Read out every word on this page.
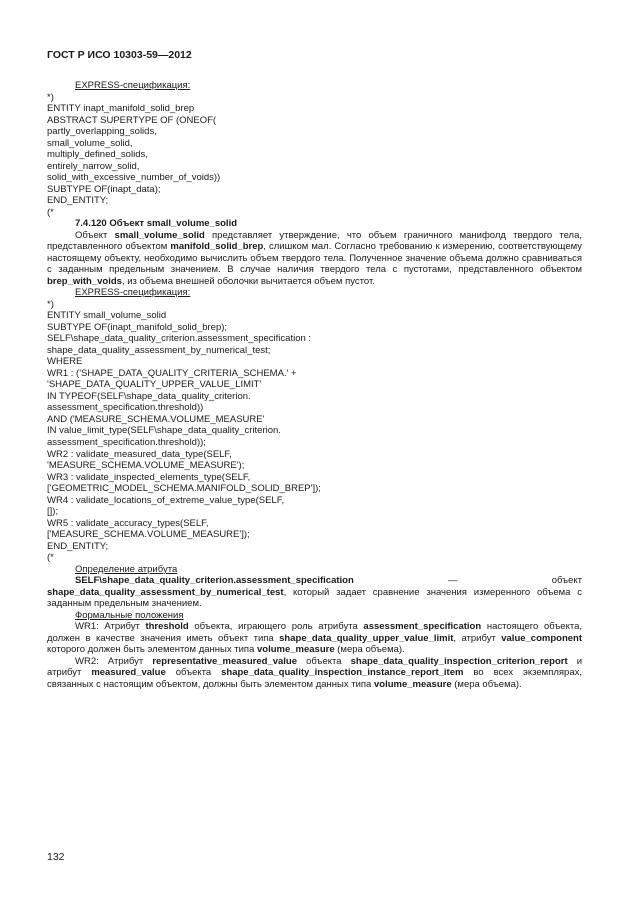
ГОСТ Р ИСО 10303-59—2012
EXPRESS-спецификация:
*)
ENTITY inapt_manifold_solid_brep
ABSTRACT SUPERTYPE OF (ONEOF(
partly_overlapping_solids,
small_volume_solid,
multiply_defined_solids,
entirely_narrow_solid,
solid_with_excessive_number_of_voids))
SUBTYPE OF(inapt_data);
END_ENTITY;
(*
7.4.120 Объект small_volume_solid
Объект small_volume_solid представляет утверждение, что объем граничного манифолд твердого тела, представленного объектом manifold_solid_brep, слишком мал. Согласно требованию к измерению, соответствующему настоящему объекту, необходимо вычислить объем твердого тела. Полученное значение объема должно сравниваться с заданным предельным значением. В случае наличия твердого тела с пустотами, представленного объектом brep_with_voids, из объема внешней оболочки вычитается объем пустот.
EXPRESS-спецификация:
*)
ENTITY small_volume_solid
SUBTYPE OF(inapt_manifold_solid_brep);
SELF\shape_data_quality_criterion.assessment_specification :
shape_data_quality_assessment_by_numerical_test;
WHERE
WR1 : ('SHAPE_DATA_QUALITY_CRITERIA_SCHEMA.' +
'SHAPE_DATA_QUALITY_UPPER_VALUE_LIMIT'
IN TYPEOF(SELF\shape_data_quality_criterion.
assessment_specification.threshold))
AND ('MEASURE_SCHEMA.VOLUME_MEASURE'
IN value_limit_type(SELF\shape_data_quality_criterion.
assessment_specification.threshold));
WR2 : validate_measured_data_type(SELF,
'MEASURE_SCHEMA.VOLUME_MEASURE');
WR3 : validate_inspected_elements_type(SELF,
['GEOMETRIC_MODEL_SCHEMA.MANIFOLD_SOLID_BREP']);
WR4 : validate_locations_of_extreme_value_type(SELF,
[]);
WR5 : validate_accuracy_types(SELF,
['MEASURE_SCHEMA.VOLUME_MEASURE']);
END_ENTITY;
(*
Определение атрибута
SELF\shape_data_quality_criterion.assessment_specification — объект shape_data_quality_assessment_by_numerical_test, который задает сравнение значения измеренного объема с заданным предельным значением.
Формальные положения
WR1: Атрибут threshold объекта, играющего роль атрибута assessment_specification настоящего объекта, должен в качестве значения иметь объект типа shape_data_quality_upper_value_limit, атрибут value_component которого должен быть элементом данных типа volume_measure (мера объема).
WR2: Атрибут representative_measured_value объекта shape_data_quality_inspection_criterion_report и атрибут measured_value объекта shape_data_quality_inspection_instance_report_item во всех экземплярах, связанных с настоящим объектом, должны быть элементом данных типа volume_measure (мера объема).
132
